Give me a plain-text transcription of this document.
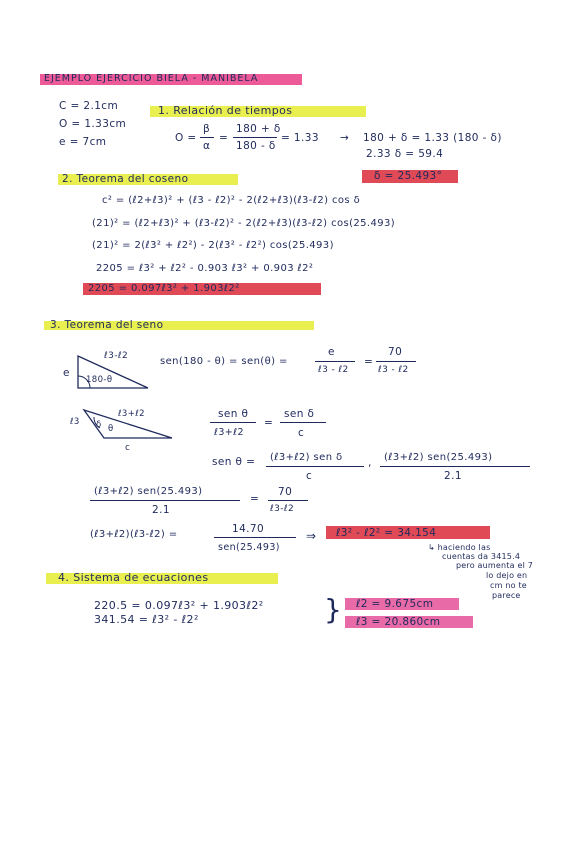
EJEMPLO EJERCICIO BIELA - MANIBELA
C = 2.1cm
O = 1.33cm
e = 7cm
1. Relación de tiempos
O =
β
α
=
180 + δ
180 - δ
= 1.33 → 180 + δ = 1.33 (180 - δ)
2.33 δ = 59.4
2. Teorema del coseno	δ = 25.493°
c² = (ℓ2+ℓ3)² + (ℓ3 - ℓ2)² - 2(ℓ2+ℓ3)(ℓ3-ℓ2) cos δ
(21)² = (ℓ2+ℓ3)² + (ℓ3-ℓ2)² - 2(ℓ2+ℓ3)(ℓ3-ℓ2) cos(25.493)
(21)² = 2(ℓ3² + ℓ2²) - 2(ℓ3² - ℓ2²) cos(25.493)
2205 = ℓ3² + ℓ2² - 0.903 ℓ3² + 0.903 ℓ2²
2205 = 0.097ℓ3² + 1.903ℓ2²
3. Teorema del seno
ℓ3-ℓ2
e
180-θ
sen(180 - θ) = sen(θ) =
e
ℓ3 - ℓ2
=
70
ℓ3 - ℓ2
ℓ3+ℓ2
ℓ3 δ θ
c
sen θ
ℓ3+ℓ2
=
sen δ
c
sen θ = (ℓ3+ℓ2) sen δ
c
, (ℓ3+ℓ2) sen(25.493)
2.1
(ℓ3+ℓ2) sen(25.493)
2.1
=
70
ℓ3-ℓ2
(ℓ3+ℓ2)(ℓ3-ℓ2) =	14.70
sen(25.493)
⇒ ℓ3² - ℓ2² = 34.154
↳ haciendo las
cuentas da 3415.4
pero aumenta el 7
lo dejo en
cm no te
parece
4. Sistema de ecuaciones
220.5 = 0.097ℓ3² + 1.903ℓ2²
341.54 = ℓ3² - ℓ2²	} ℓ2 = 9.675cm
ℓ3 = 20.860cm
